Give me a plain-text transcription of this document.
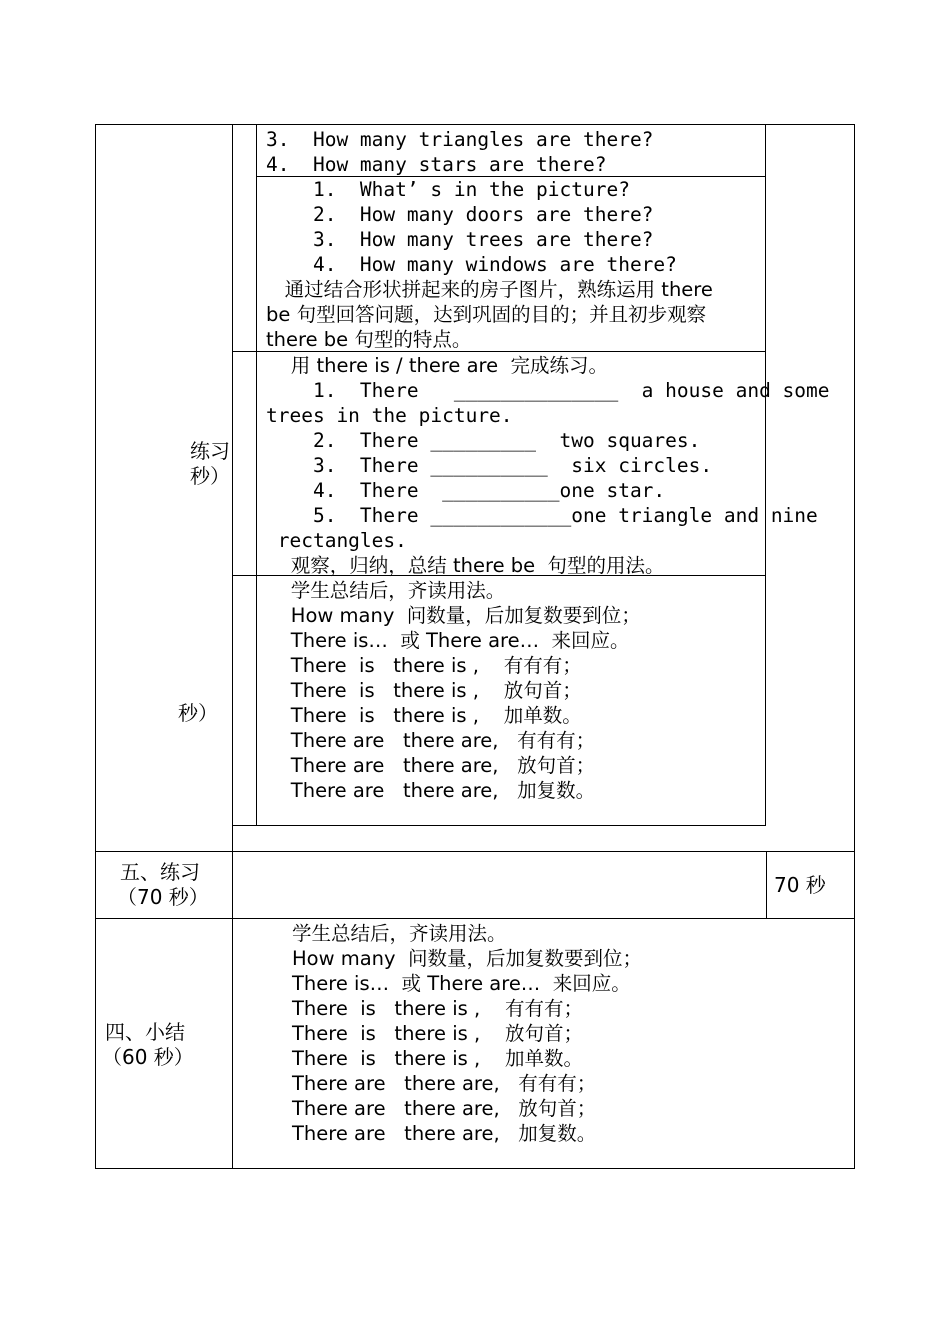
练习
秒）
秒）
3.  How many triangles are there?
4.  How many stars are there?
1.  What’ s in the picture?
2.  How many doors are there?
3.  How many trees are there?
4.  How many windows are there?
通过结合形状拼起来的房子图片，熟练运用 there
be 句型回答问题，达到巩固的目的；并且初步观察
there be 句型的特点。
用 there is / there are  完成练习。
1.  There   ______________  a house and some
trees in the picture.
2.  There _________  two squares.
3.  There __________  six circles.
4.  There  __________one star.
5.  There ____________one triangle and nine
rectangles.
观察，归纳，总结 there be  句型的用法。
学生总结后，齐读用法。
How many  问数量，后加复数要到位；
There is…  或 There are…  来回应。
There  is   there is ,    有有有；
There  is   there is ,    放句首；
There  is   there is ,    加单数。
There are   there are,   有有有；
There are   there are,   放句首；
There are   there are,   加复数。
五、练习
（70 秒）	70 秒
四、小结
（60 秒）
学生总结后，齐读用法。
How many  问数量，后加复数要到位；
There is…  或 There are…  来回应。
There  is   there is ,    有有有；
There  is   there is ,    放句首；
There  is   there is ,    加单数。
There are   there are,   有有有；
There are   there are,   放句首；
There are   there are,   加复数。
